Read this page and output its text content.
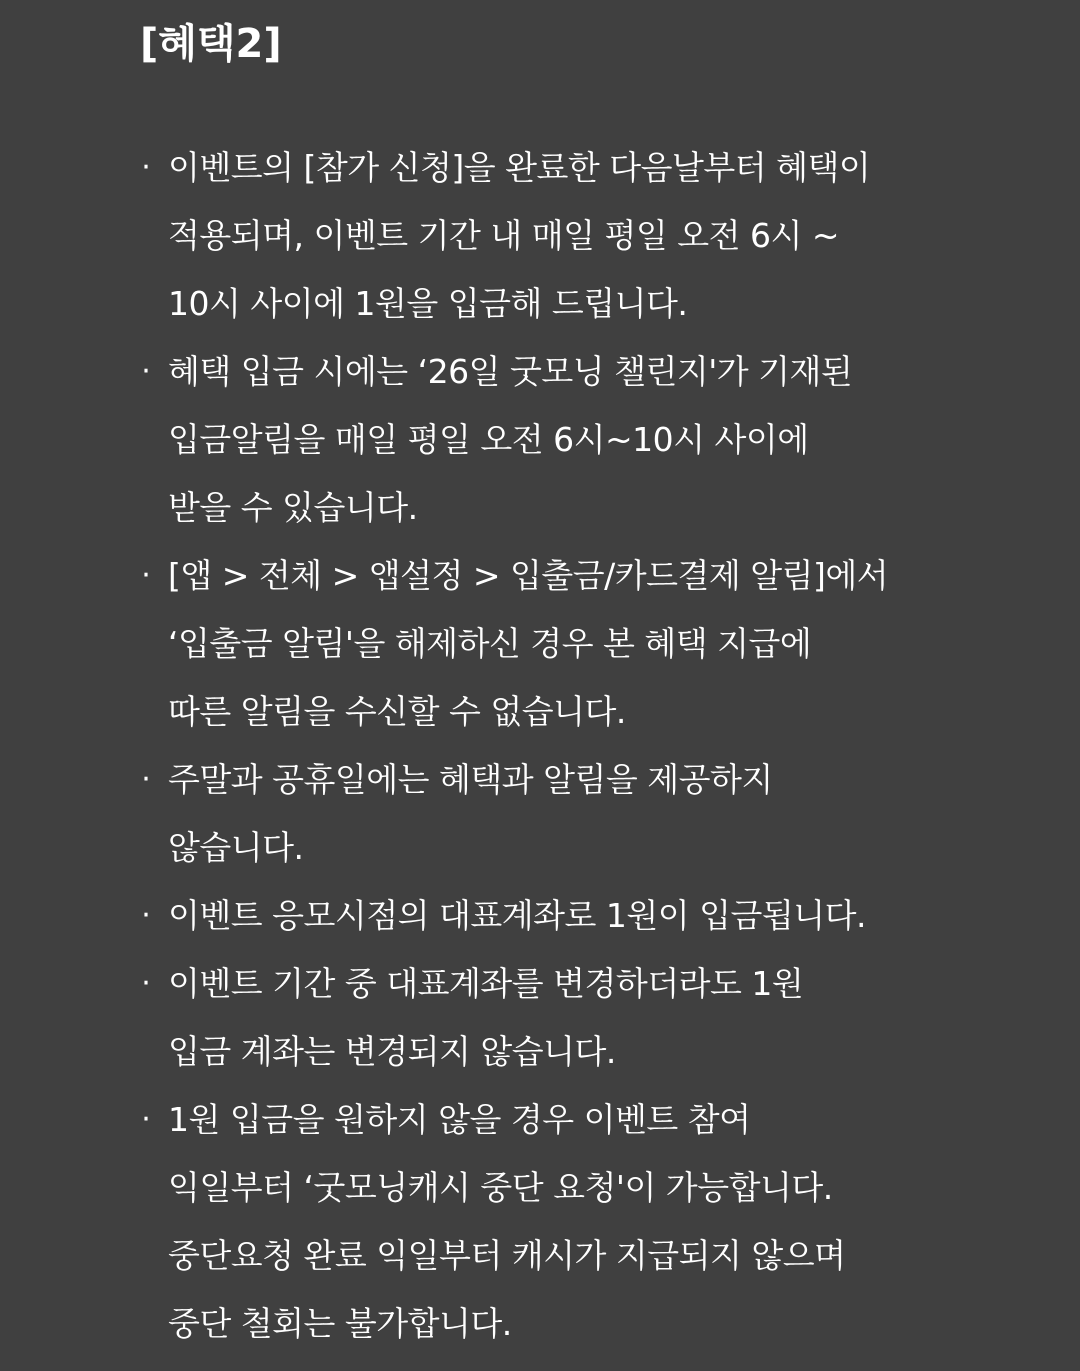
[혜택2]
· 이벤트의 [참가 신청]을 완료한 다음날부터 혜택이
적용되며, 이벤트 기간 내 매일 평일 오전 6시 ~
10시 사이에 1원을 입금해 드립니다.
· 혜택 입금 시에는 ‘26일 굿모닝 챌린지'가 기재된
입금알림을 매일 평일 오전 6시~10시 사이에
받을 수 있습니다.
· [앱 > 전체 > 앱설정 > 입출금/카드결제 알림]에서
‘입출금 알림'을 해제하신 경우 본 혜택 지급에
따른 알림을 수신할 수 없습니다.
· 주말과 공휴일에는 혜택과 알림을 제공하지
않습니다.
· 이벤트 응모시점의 대표계좌로 1원이 입금됩니다.
· 이벤트 기간 중 대표계좌를 변경하더라도 1원
입금 계좌는 변경되지 않습니다.
· 1원 입금을 원하지 않을 경우 이벤트 참여
익일부터 ‘굿모닝캐시 중단 요청'이 가능합니다.
중단요청 완료 익일부터 캐시가 지급되지 않으며
중단 철회는 불가합니다.
